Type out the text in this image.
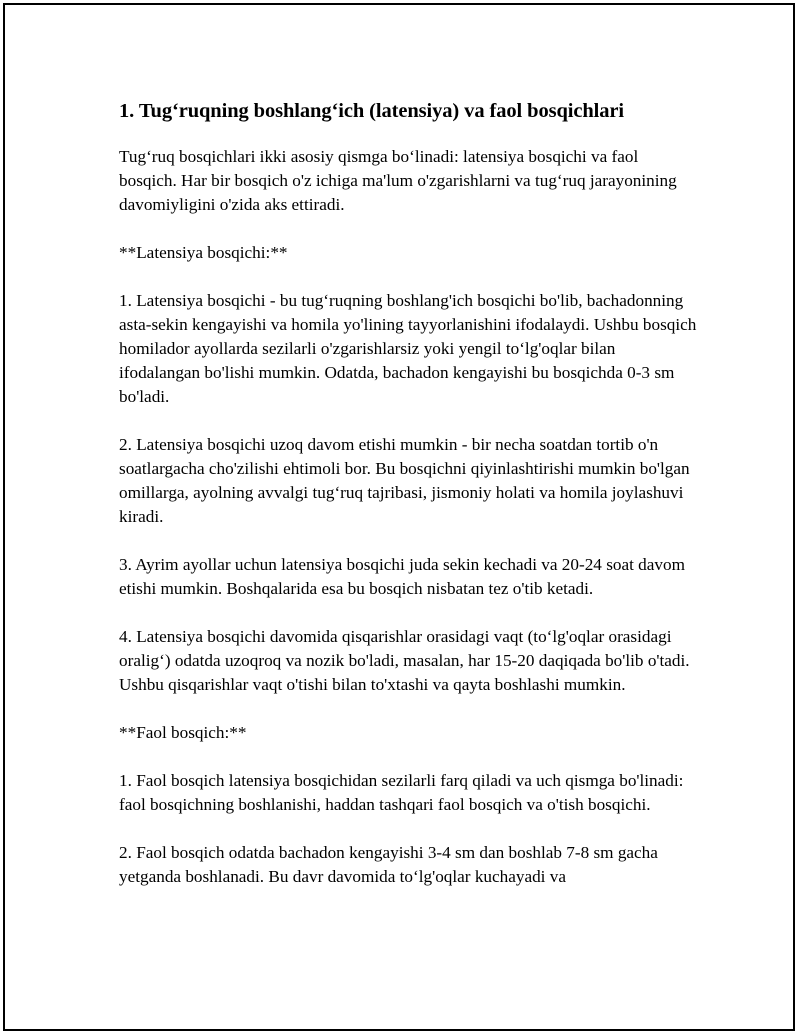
1. Tug‘ruqning boshlang‘ich (latensiya) va faol bosqichlari

Tug‘ruq bosqichlari ikki asosiy qismga bo‘linadi: latensiya bosqichi va faol bosqich. Har bir bosqich o'z ichiga ma'lum o'zgarishlarni va tug‘ruq jarayonining davomiyligini o'zida aks ettiradi.

**Latensiya bosqichi:**

1. Latensiya bosqichi - bu tug‘ruqning boshlang'ich bosqichi bo'lib, bachadonning asta-sekin kengayishi va homila yo'lining tayyorlanishini ifodalaydi. Ushbu bosqich homilador ayollarda sezilarli o'zgarishlarsiz yoki yengil to‘lg'oqlar bilan ifodalangan bo'lishi mumkin. Odatda, bachadon kengayishi bu bosqichda 0-3 sm bo'ladi.

2. Latensiya bosqichi uzoq davom etishi mumkin - bir necha soatdan tortib o'n soatlargacha cho'zilishi ehtimoli bor. Bu bosqichni qiyinlashtirishi mumkin bo'lgan omillarga, ayolning avvalgi tug‘ruq tajribasi, jismoniy holati va homila joylashuvi kiradi.

3. Ayrim ayollar uchun latensiya bosqichi juda sekin kechadi va 20-24 soat davom etishi mumkin. Boshqalarida esa bu bosqich nisbatan tez o'tib ketadi.

4. Latensiya bosqichi davomida qisqarishlar orasidagi vaqt (to‘lg'oqlar orasidagi oralig‘) odatda uzoqroq va nozik bo'ladi, masalan, har 15-20 daqiqada bo'lib o'tadi. Ushbu qisqarishlar vaqt o'tishi bilan to'xtashi va qayta boshlashi mumkin.

**Faol bosqich:**

1. Faol bosqich latensiya bosqichidan sezilarli farq qiladi va uch qismga bo'linadi: faol bosqichning boshlanishi, haddan tashqari faol bosqich va o'tish bosqichi.

2. Faol bosqich odatda bachadon kengayishi 3-4 sm dan boshlab 7-8 sm gacha yetganda boshlanadi. Bu davr davomida to‘lg'oqlar kuchayadi va
